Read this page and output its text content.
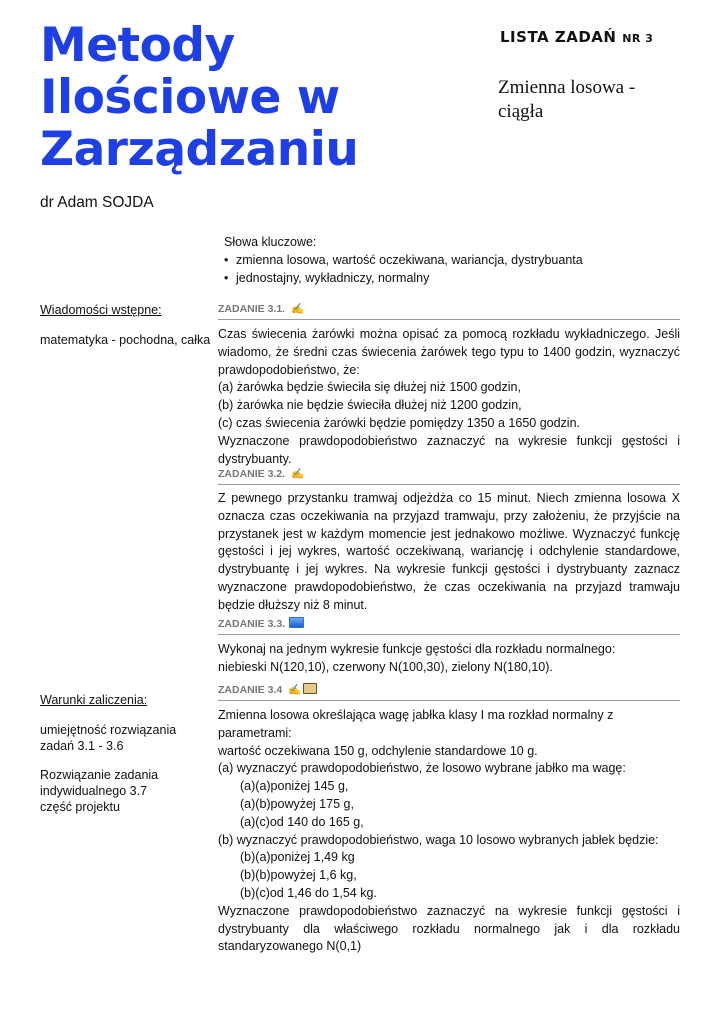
Metody
Ilościowe w
Zarządzaniu
LISTA ZADAŃ NR 3
Zmienna losowa -
ciągła
dr Adam SOJDA
Słowa kluczowe:
• zmienna losowa, wartość oczekiwana, wariancja, dystrybuanta
• jednostajny, wykładniczy, normalny
Wiadomości wstępne:
matematyka - pochodna, całka
Warunki zaliczenia:
umiejętność rozwiązania
zadań 3.1 - 3.6
Rozwiązanie zadania
indywidualnego 3.7
część projektu
ZADANIE 3.1. ✍

Czas świecenia żarówki można opisać za pomocą rozkładu wykładniczego. Jeśli wiadomo, że średni czas świecenia żarówek tego typu to 1400 godzin, wyznaczyć prawdopodobieństwo, że:

(a) żarówka będzie świeciła się dłużej niż 1500 godzin,

(b) żarówka nie będzie świeciła dłużej niż 1200 godzin,

(c) czas świecenia żarówki będzie pomiędzy 1350 a 1650 godzin.

Wyznaczone prawdopodobieństwo zaznaczyć na wykresie funkcji gęstości i dystrybuanty.

ZADANIE 3.2. ✍

Z pewnego przystanku tramwaj odjeżdża co 15 minut. Niech zmienna losowa X oznacza czas oczekiwania na przyjazd tramwaju, przy założeniu, że przyjście na przystanek jest w każdym momencie jest jednakowo możliwe. Wyznaczyć funkcję gęstości i jej wykres, wartość oczekiwaną, wariancję i odchylenie standardowe, dystrybuantę i jej wykres. Na wykresie funkcji gęstości i dystrybuanty zaznacz wyznaczone prawdopodobieństwo, że czas oczekiwania na przyjazd tramwaju będzie dłuższy niż 8 minut.

ZADANIE 3.3.

Wykonaj na jednym wykresie funkcje gęstości dla rozkładu normalnego:

niebieski N(120,10), czerwony N(100,30), zielony N(180,10).

ZADANIE 3.4 ✍

Zmienna losowa określająca wagę jabłka klasy I ma rozkład normalny z parametrami:

wartość oczekiwana 150 g, odchylenie standardowe 10 g.

(a) wyznaczyć prawdopodobieństwo, że losowo wybrane jabłko ma wagę:

(a)(a)poniżej 145 g,

(a)(b)powyżej 175 g,

(a)(c)od 140 do 165 g,

(b) wyznaczyć prawdopodobieństwo, waga 10 losowo wybranych jabłek będzie:

(b)(a)poniżej 1,49 kg

(b)(b)powyżej 1,6 kg,

(b)(c)od 1,46 do 1,54 kg.

Wyznaczone prawdopodobieństwo zaznaczyć na wykresie funkcji gęstości i dystrybuanty dla właściwego rozkładu normalnego jak i dla rozkładu standaryzowanego N(0,1)
